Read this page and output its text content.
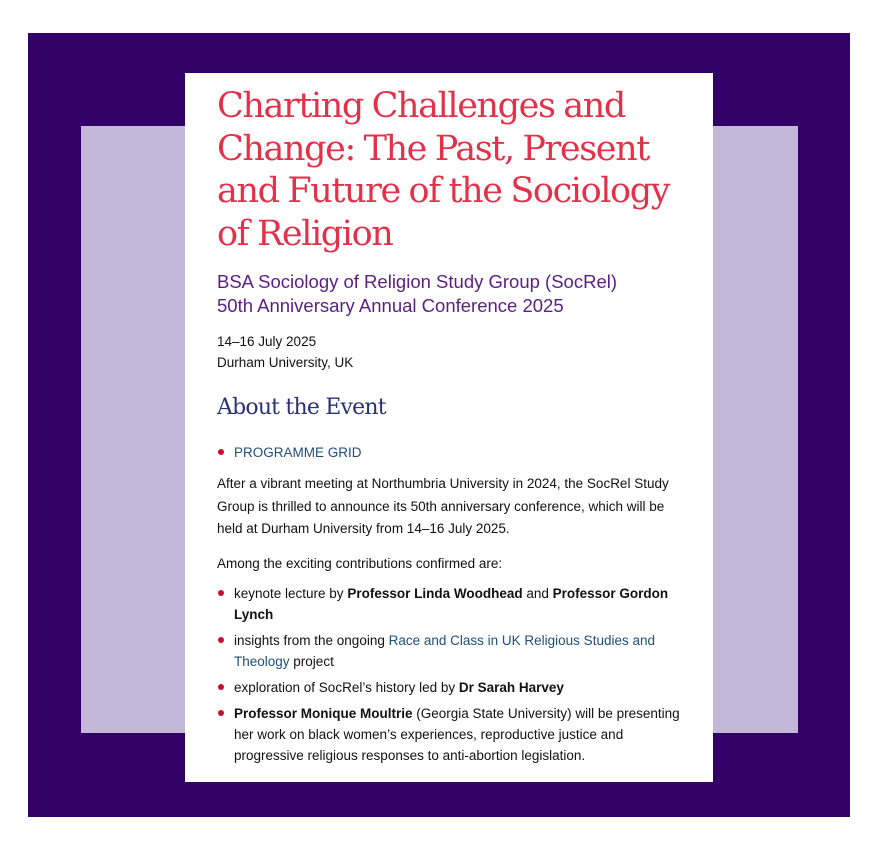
Charting Challenges and Change: The Past, Present and Future of the Sociology of Religion
BSA Sociology of Religion Study Group (SocRel)
50th Anniversary Annual Conference 2025
14–16 July 2025
Durham University, UK
About the Event
PROGRAMME GRID

After a vibrant meeting at Northumbria University in 2024, the SocRel Study Group is thrilled to announce its 50th anniversary conference, which will be held at Durham University from 14–16 July 2025.

Among the exciting contributions confirmed are:

keynote lecture by Professor Linda Woodhead and Professor Gordon Lynch
insights from the ongoing Race and Class in UK Religious Studies and Theology project
exploration of SocRel’s history led by Dr Sarah Harvey
Professor Monique Moultrie (Georgia State University) will be presenting her work on black women’s experiences, reproductive justice and progressive religious responses to anti-abortion legislation.
